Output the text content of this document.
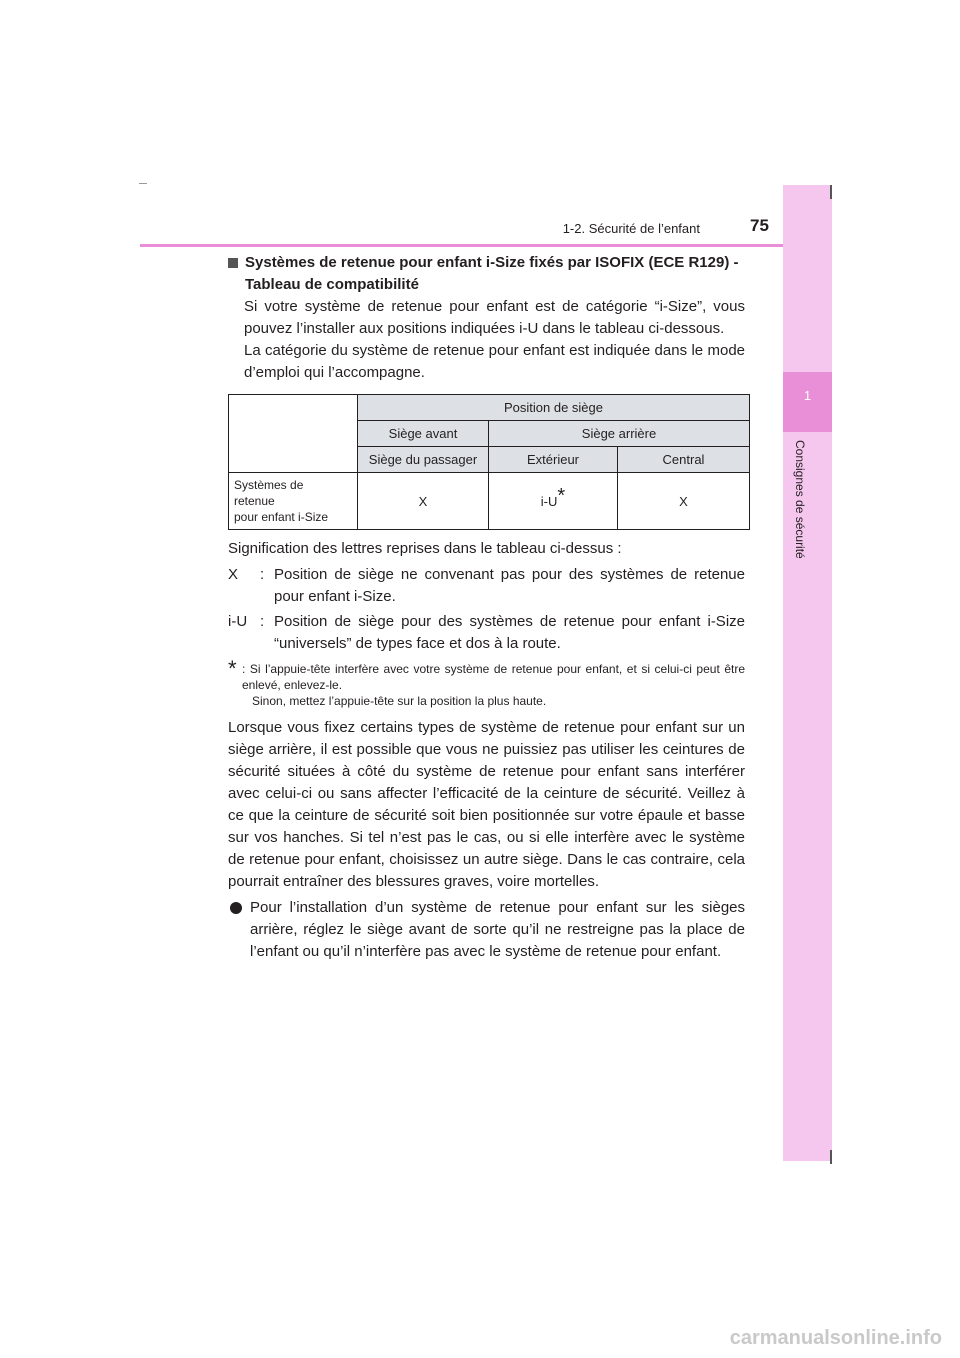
1-2. Sécurité de l’enfant	75
1
Consignes de sécurité
Systèmes de retenue pour enfant i-Size fixés par ISOFIX (ECE R129) - Tableau de compatibilité

Si votre système de retenue pour enfant est de catégorie “i-Size”, vous pouvez l’installer aux positions indiquées i-U dans le tableau ci-dessous.

La catégorie du système de retenue pour enfant est indiquée dans le mode d’emploi qui l’accompagne.

	Position de siège		
	Siège avant	Siège arrière	
	Siège du passager	Extérieur	Central
Systèmes de
retenue
pour enfant i-Size	X	i-U*	X

Signification des lettres reprises dans le tableau ci-dessus :

X	: Position de siège ne convenant pas pour des systèmes de retenue pour enfant i-Size.
i-U : Position de siège pour des systèmes de retenue pour enfant i-Size “universels” de types face et dos à la route.
* : Si l’appuie-tête interfère avec votre système de retenue pour enfant, et si celui-ci peut être enlevé, enlevez-le.
Sinon, mettez l’appuie-tête sur la position la plus haute.

Lorsque vous fixez certains types de système de retenue pour enfant sur un siège arrière, il est possible que vous ne puissiez pas utiliser les ceintures de sécurité situées à côté du système de retenue pour enfant sans interférer avec celui-ci ou sans affecter l’efficacité de la ceinture de sécurité. Veillez à ce que la ceinture de sécurité soit bien positionnée sur votre épaule et basse sur vos hanches. Si tel n’est pas le cas, ou si elle interfère avec le système de retenue pour enfant, choisissez un autre siège. Dans le cas contraire, cela pourrait entraîner des blessures graves, voire mortelles.

Pour l’installation d’un système de retenue pour enfant sur les sièges arrière, réglez le siège avant de sorte qu’il ne restreigne pas la place de l’enfant ou qu’il n’interfère pas avec le système de retenue pour enfant.
carmanualsonline.info
